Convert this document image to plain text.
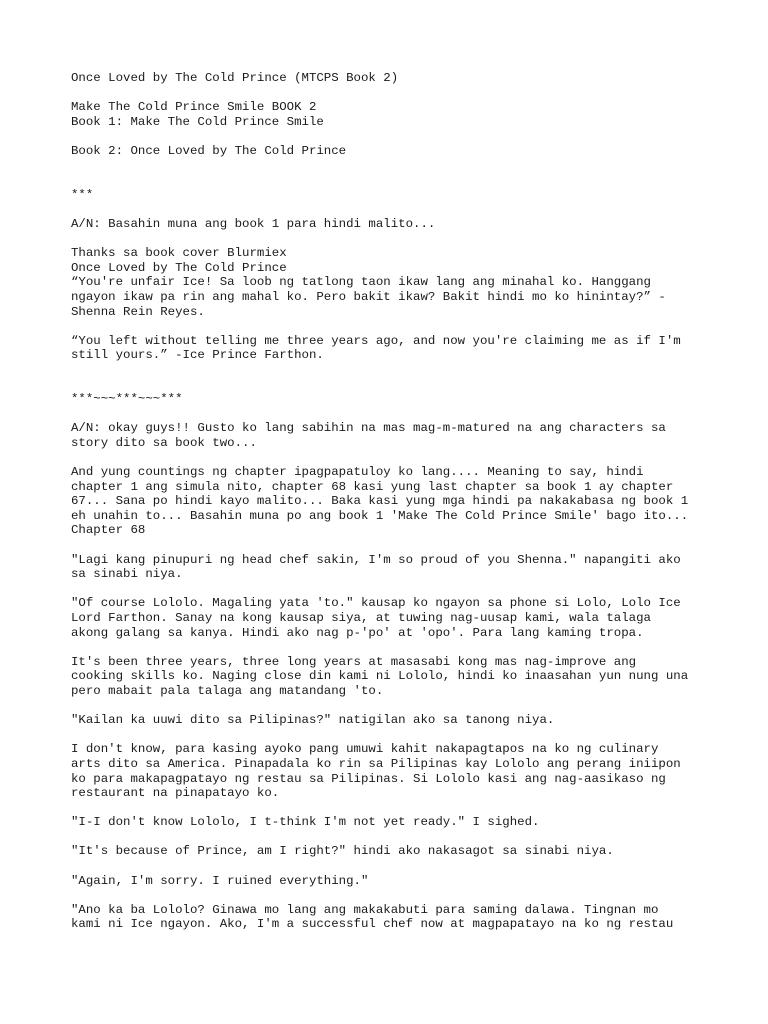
Once Loved by The Cold Prince (MTCPS Book 2)
Make The Cold Prince Smile BOOK 2
Book 1: Make The Cold Prince Smile
Book 2: Once Loved by The Cold Prince
***
A/N: Basahin muna ang book 1 para hindi malito...
Thanks sa book cover Blurmiex
Once Loved by The Cold Prince
“You're unfair Ice! Sa loob ng tatlong taon ikaw lang ang minahal ko. Hanggang
ngayon ikaw pa rin ang mahal ko. Pero bakit ikaw? Bakit hindi mo ko hinintay?” -
Shenna Rein Reyes.
“You left without telling me three years ago, and now you're claiming me as if I'm
still yours.” -Ice Prince Farthon.
***~~~***~~~***
A/N: okay guys!! Gusto ko lang sabihin na mas mag-m-matured na ang characters sa
story dito sa book two...
And yung countings ng chapter ipagpapatuloy ko lang.... Meaning to say, hindi
chapter 1 ang simula nito, chapter 68 kasi yung last chapter sa book 1 ay chapter
67... Sana po hindi kayo malito... Baka kasi yung mga hindi pa nakakabasa ng book 1
eh unahin to... Basahin muna po ang book 1 'Make The Cold Prince Smile' bago ito...
Chapter 68
"Lagi kang pinupuri ng head chef sakin, I'm so proud of you Shenna." napangiti ako
sa sinabi niya.
"Of course Lololo. Magaling yata 'to." kausap ko ngayon sa phone si Lolo, Lolo Ice
Lord Farthon. Sanay na kong kausap siya, at tuwing nag-uusap kami, wala talaga
akong galang sa kanya. Hindi ako nag p-'po' at 'opo'. Para lang kaming tropa.
It's been three years, three long years at masasabi kong mas nag-improve ang
cooking skills ko. Naging close din kami ni Lololo, hindi ko inaasahan yun nung una
pero mabait pala talaga ang matandang 'to.
"Kailan ka uuwi dito sa Pilipinas?" natigilan ako sa tanong niya.
I don't know, para kasing ayoko pang umuwi kahit nakapagtapos na ko ng culinary
arts dito sa America. Pinapadala ko rin sa Pilipinas kay Lololo ang perang iniipon
ko para makapagpatayo ng restau sa Pilipinas. Si Lololo kasi ang nag-aasikaso ng
restaurant na pinapatayo ko.
"I-I don't know Lololo, I t-think I'm not yet ready." I sighed.
"It's because of Prince, am I right?" hindi ako nakasagot sa sinabi niya.
"Again, I'm sorry. I ruined everything."
"Ano ka ba Lololo? Ginawa mo lang ang makakabuti para saming dalawa. Tingnan mo
kami ni Ice ngayon. Ako, I'm a successful chef now at magpapatayo na ko ng restau
